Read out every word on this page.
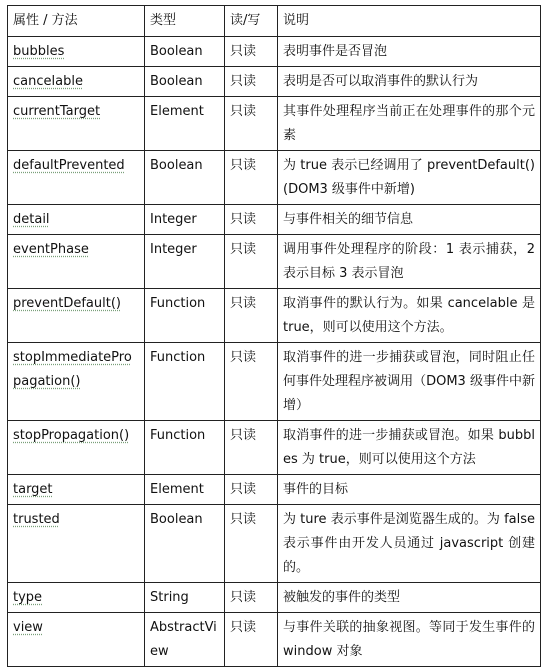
属性 / 方法	类型	读/写	说明
bubbles	Boolean	只读	表明事件是否冒泡
cancelable	Boolean	只读	表明是否可以取消事件的默认行为
currentTarget	Element	只读	其事件处理程序当前正在处理事件的那个元素
defaultPrevented	Boolean	只读	为 true 表示已经调用了 preventDefault()(DOM3 级事件中新增)
detail	Integer	只读	与事件相关的细节信息
eventPhase	Integer	只读	调用事件处理程序的阶段：1 表示捕获，2 表示目标 3 表示冒泡
preventDefault()	Function	只读	取消事件的默认行为。如果 cancelable 是 true，则可以使用这个方法。
stopImmediatePropagation()	Function	只读	取消事件的进一步捕获或冒泡，同时阻止任何事件处理程序被调用（DOM3 级事件中新增）
stopPropagation()	Function	只读	取消事件的进一步捕获或冒泡。如果 bubbles 为 true，则可以使用这个方法
target	Element	只读	事件的目标
trusted	Boolean	只读	为 ture 表示事件是浏览器生成的。为 false 表示事件由开发人员通过 javascript 创建的。
type	String	只读	被触发的事件的类型
view	AbstractView	只读	与事件关联的抽象视图。等同于发生事件的 window 对象
